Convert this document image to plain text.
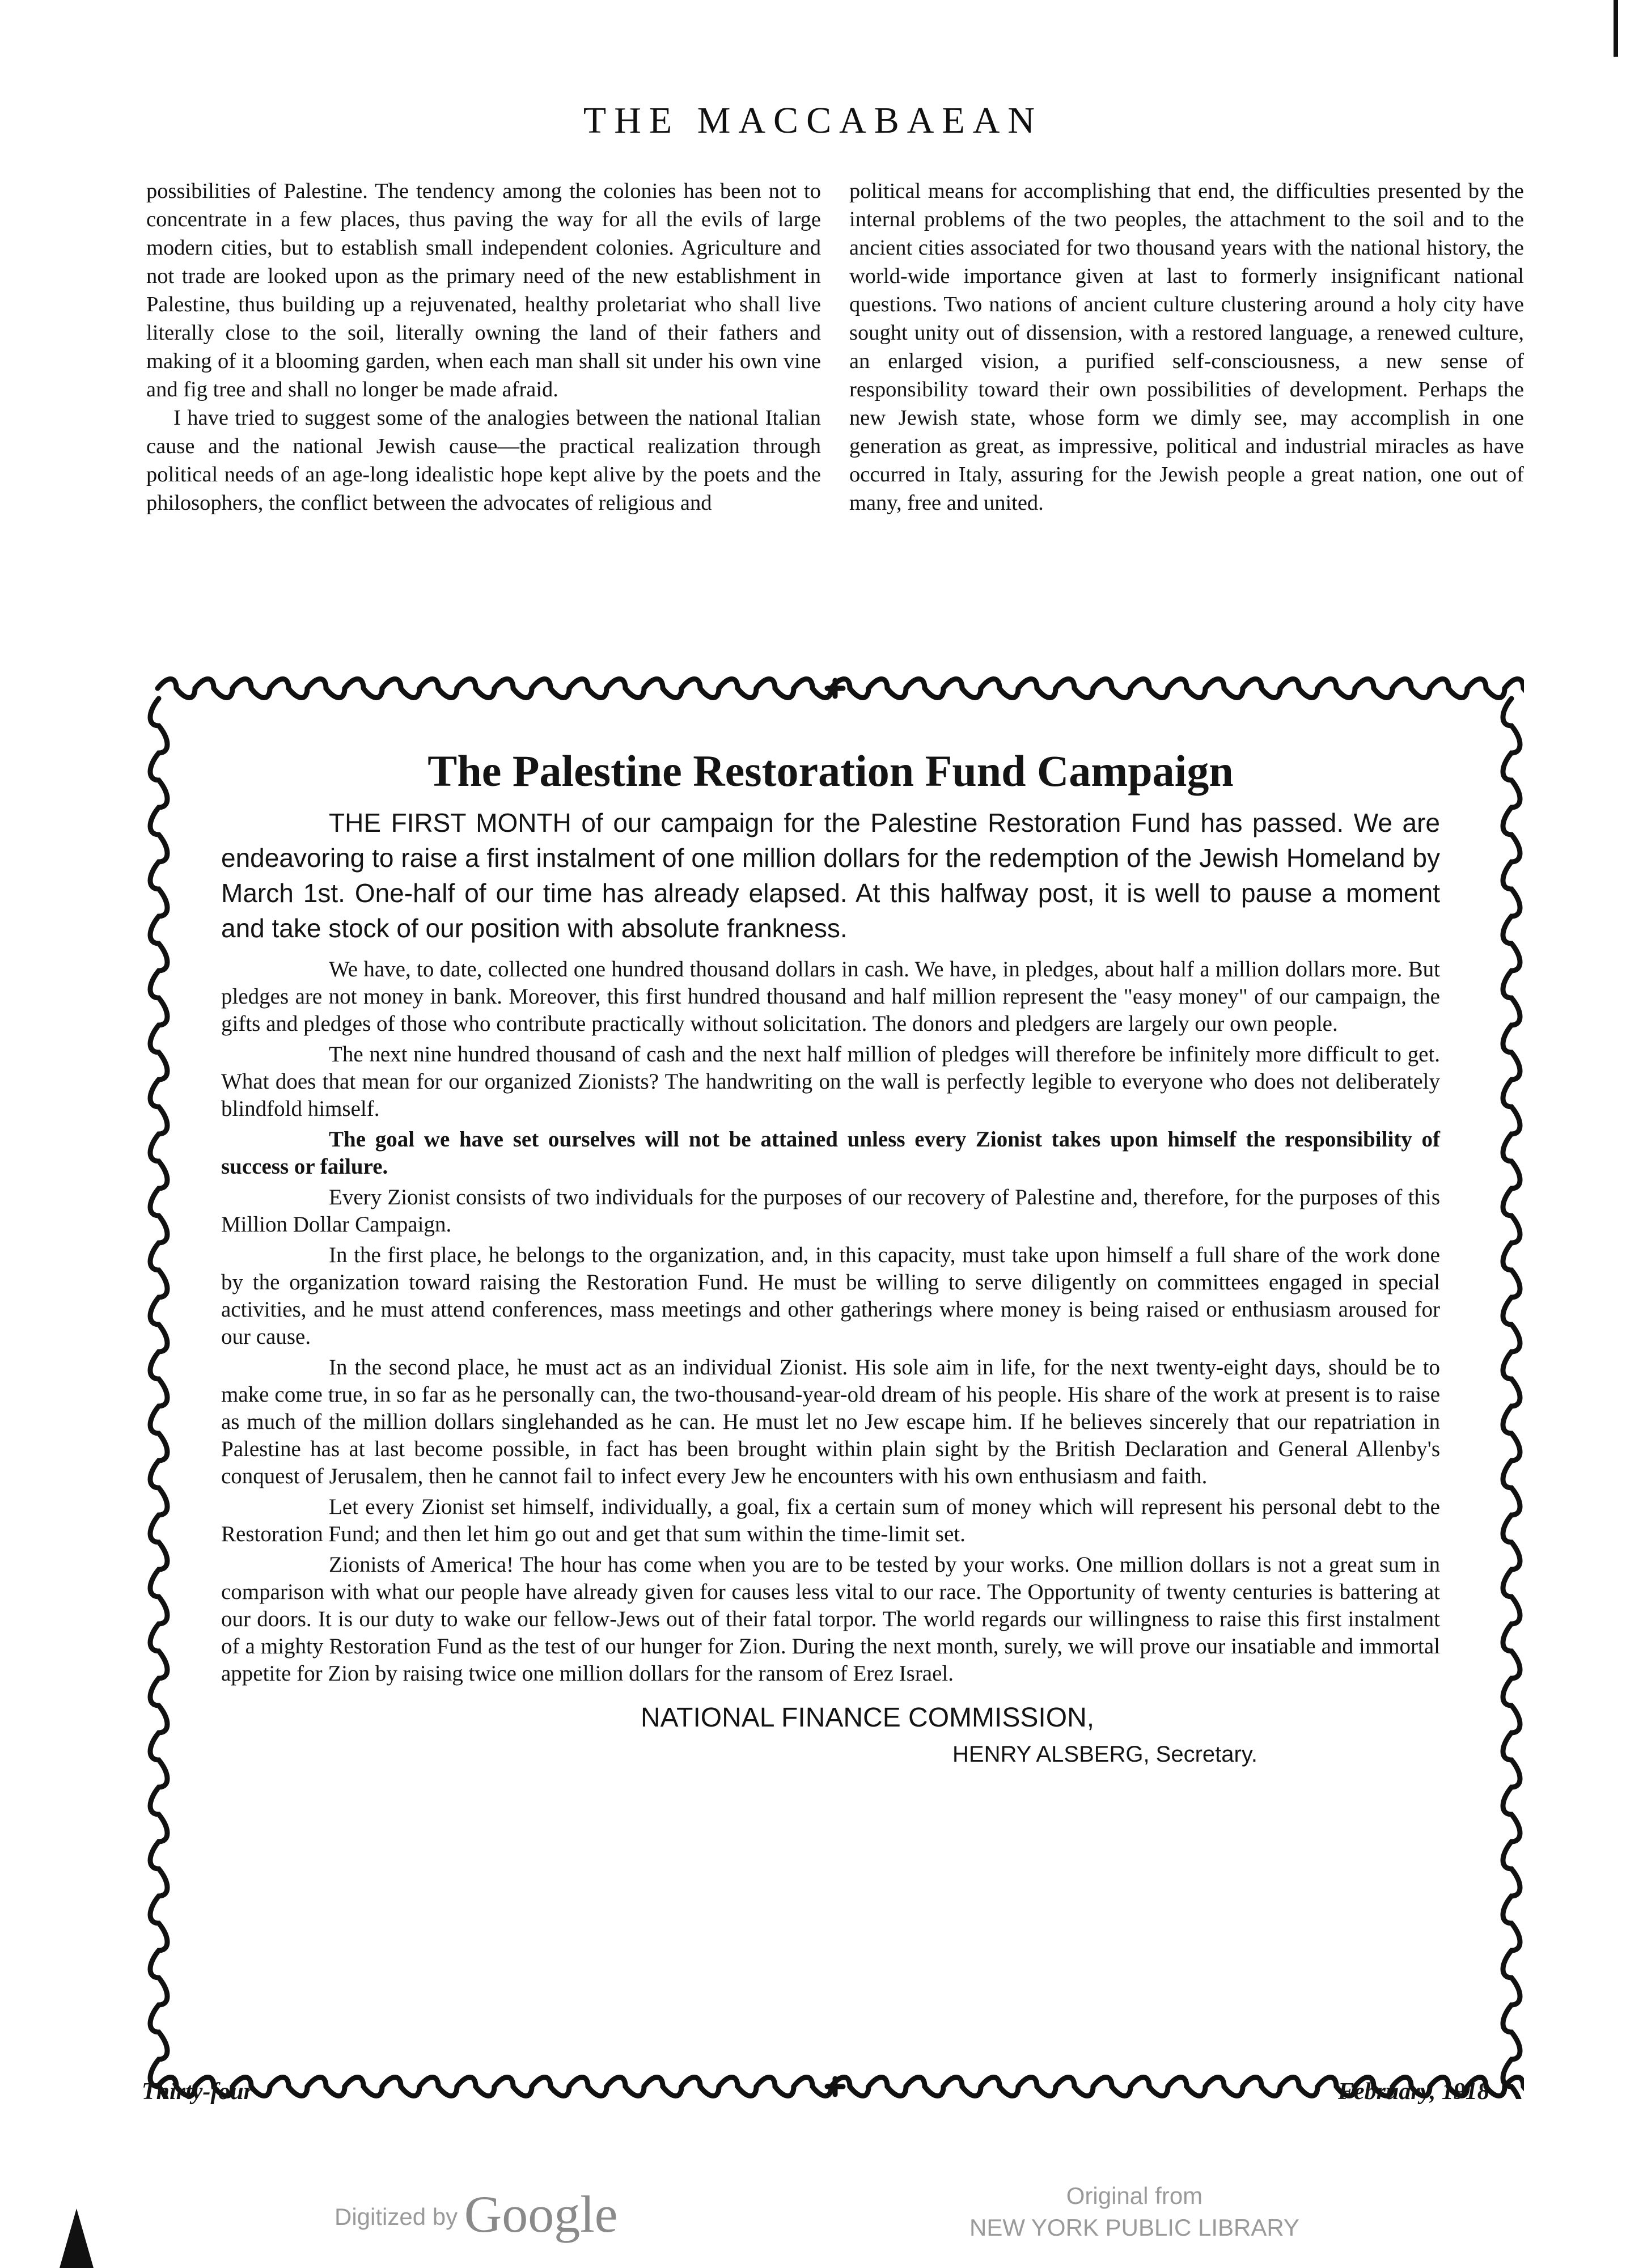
THE MACCABAEAN

possibilities of Palestine. The tendency among the colonies has been not to concentrate in a few places, thus paving the way for all the evils of large modern cities, but to establish small independent colonies. Agriculture and not trade are looked upon as the primary need of the new establishment in Palestine, thus building up a rejuvenated, healthy proletariat who shall live literally close to the soil, literally owning the land of their fathers and making of it a blooming garden, when each man shall sit under his own vine and fig tree and shall no longer be made afraid.

I have tried to suggest some of the analogies between the national Italian cause and the national Jewish cause—the practical realization through political needs of an age-long idealistic hope kept alive by the poets and the philosophers, the conflict between the advocates of religious and

political means for accomplishing that end, the difficulties presented by the internal problems of the two peoples, the attachment to the soil and to the ancient cities associated for two thousand years with the national history, the world-wide importance given at last to formerly insignificant national questions. Two nations of ancient culture clustering around a holy city have sought unity out of dissension, with a restored language, a renewed culture, an enlarged vision, a purified self-consciousness, a new sense of responsibility toward their own possibilities of development. Perhaps the new Jewish state, whose form we dimly see, may accomplish in one generation as great, as impressive, political and industrial miracles as have occurred in Italy, assuring for the Jewish people a great nation, one out of many, free and united.

The Palestine Restoration Fund Campaign

THE FIRST MONTH of our campaign for the Palestine Restoration Fund has passed. We are endeavoring to raise a first instalment of one million dollars for the redemption of the Jewish Homeland by March 1st. One-half of our time has already elapsed. At this halfway post, it is well to pause a moment and take stock of our position with absolute frankness.

We have, to date, collected one hundred thousand dollars in cash. We have, in pledges, about half a million dollars more. But pledges are not money in bank. Moreover, this first hundred thousand and half million represent the "easy money" of our campaign, the gifts and pledges of those who contribute practically without solicitation. The donors and pledgers are largely our own people.

The next nine hundred thousand of cash and the next half million of pledges will therefore be infinitely more difficult to get. What does that mean for our organized Zionists? The handwriting on the wall is perfectly legible to everyone who does not deliberately blindfold himself.

The goal we have set ourselves will not be attained unless every Zionist takes upon himself the responsibility of success or failure.

Every Zionist consists of two individuals for the purposes of our recovery of Palestine and, therefore, for the purposes of this Million Dollar Campaign.

In the first place, he belongs to the organization, and, in this capacity, must take upon himself a full share of the work done by the organization toward raising the Restoration Fund. He must be willing to serve diligently on committees engaged in special activities, and he must attend conferences, mass meetings and other gatherings where money is being raised or enthusiasm aroused for our cause.

In the second place, he must act as an individual Zionist. His sole aim in life, for the next twenty-eight days, should be to make come true, in so far as he personally can, the two-thousand-year-old dream of his people. His share of the work at present is to raise as much of the million dollars singlehanded as he can. He must let no Jew escape him. If he believes sincerely that our repatriation in Palestine has at last become possible, in fact has been brought within plain sight by the British Declaration and General Allenby's conquest of Jerusalem, then he cannot fail to infect every Jew he encounters with his own enthusiasm and faith.

Let every Zionist set himself, individually, a goal, fix a certain sum of money which will represent his personal debt to the Restoration Fund; and then let him go out and get that sum within the time-limit set.

Zionists of America! The hour has come when you are to be tested by your works. One million dollars is not a great sum in comparison with what our people have already given for causes less vital to our race. The Opportunity of twenty centuries is battering at our doors. It is our duty to wake our fellow-Jews out of their fatal torpor. The world regards our willingness to raise this first instalment of a mighty Restoration Fund as the test of our hunger for Zion. During the next month, surely, we will prove our insatiable and immortal appetite for Zion by raising twice one million dollars for the ransom of Erez Israel.

NATIONAL FINANCE COMMISSION,
HENRY ALSBERG, Secretary.
Thirty-four	February, 1918
Digitized by Google	Original from
NEW YORK PUBLIC LIBRARY
